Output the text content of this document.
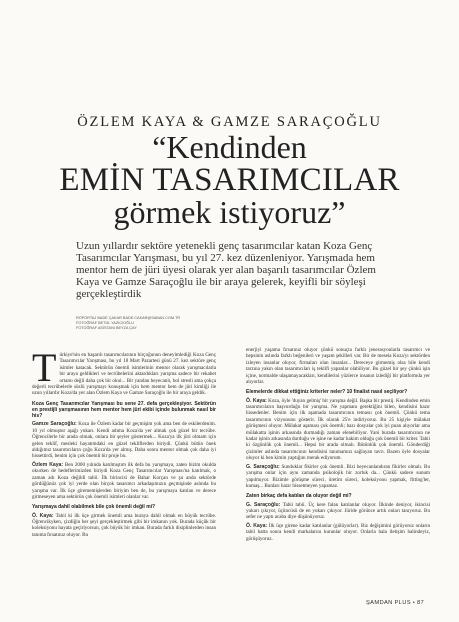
ÖZLEM KAYA & GAMZE SARAÇOĞLU
“Kendinden
EMİN TASARIMCILAR
görmek istiyoruz”

Uzun yıllardır sektöre yetenekli genç tasarımcılar katan Koza Genç Tasarımcılar Yarışması, bu yıl 27. kez düzenleniyor. Yarışmada hem mentor hem de jüri üyesi olarak yer alan başarılı tasarımcılar Özlem Kaya ve Gamze Saraçoğlu ile bir araya gelerek, keyifli bir söyleşi gerçekleştirdik

RÖPORTAJ BADE ÇAKAR BADE.CAKAR@SABAN.COM.TR
FOTOĞRAF BETÜL YAZICIOĞLU
FOTOĞRAF ASİSTANI BEYZA ÇAY

Türkiye'nin en başarılı tasarımcılarının birçoğunun deneyimlediği Koza Genç Tasarımcılar Yarışması, bu yıl 18 Mart Pazartesi günü 27. kez sektöre genç isimler katacak. Sektörün önemli isimlerinin mentor olarak yarışmacılarla bir araya geldikleri ve tecrübelerini aktardıkları yarışma sadece bir rekabet ortamı değil daha çok bir okul... Bir yandan heyecanlı, bol stresli ama çokça değerli tecrübelerle süslü yarışmayı konuşmak için hem mentor hem de jüri kimliği ile uzun yıllardır Koza'da yer alan Özlem Kaya ve Gamze Saraçoğlu ile bir araya geldik.

Koza Genç Tasarımcılar Yarışması bu sene 27. defa gerçekleşiyor. Sektörün en prestijli yarışmasının hem mentor hem jüri ekibi içinde bulunmak nasıl bir his?

Gamze Saraçoğlu: Koza ile Özlem kadar bir geçmişim yok ama ben de eskilerdenim. 10 yıl olmuştur aşağı yukarı. Kendi adıma Koza'da yer almak çok güzel bir tecrübe. Öğrencilerle bir arada olmak, onlara bir şeyler göstermek... Koza'ya ilk jüri olmam için gelen teklif, mesleki hayatımdaki en güzel tekliflerden biriydi. Çünkü bütün önek aldığımız tasarımcıların çoğu Koza'da yer almış. Daha sonra mentor olmak çok daha iyi hissettirdi, benim için çok önemli bir proje bu.

Özlem Kaya: Ben 2000 yılında katılmıştım ilk defa bu yarışmaya, zaten bizim okulda okurken de hedeflerimizden biriydi Koza Genç Tasarımcılar Yarışması'na katılmak, o zaman adı Koza değildi tabii. İlk birincisi de Bahar Korçan ve şu anda sektörde gördüğünüz çok iyi yerde olan birçok tasarımcı arkadaşımızın geçmişinde aslında bu yarışma var. İlk üçe girememişlerden biriyim ben de, bu yarışmaya katılan ve derece girmeseyen ama sektörün çok önemli isimleri olanlar var.

Yarışmaya dahil olabilmek bile çok önemli değil mi?

Ö. Kaya: Tabii ki ilk üçe girmek önemli ama buraya dahil olmak en büyük tecrübe. Öğrencikyken, çizdiğin her şeyi gerçekleştirmek gibi bir imkanın yok. Burada küçük bir koleksiyonu hayata geçiriyorsun, çok büyük bir imkan. Burada farklı disiplinlerden insan tanıma fırsatınız oluyor. Bu

enerjiyi yaşama fırsatınız oluyor çünkü sonuçta farklı jenerasyonlarla tasarımcı ve hepsinin aslında farklı beğenileri ve yaşam şekilleri var. Bir de mesela Koza'yı sektörden izleyen insanlar oluyor, firmaları olan insanlar... Dereceye girmemiş olsa bile kendi tarzına yakın olan tasarımcıları iş teklifi yapanlar olabiliyor. Bu güzel bir şey çünkü işin içine, normalde ulaşamayacakları, kendilerini yüzlerce insanın izlediği bir platformda yer alıyorlar.

Elemelerde dikkat ettiğiniz kriterler neler? 10 finalist nasıl seçiliyor?

Ö. Kaya: Koza, öyle 'duyan gelmiş' bir yarışma değil. Başka bir prestij. Kendinden emin tasarımcıların başvurduğu bir yarışma. Ne yapmanı gerektiğini bilen, kendisini hazır hissedenler. Benim için ilk aşamada tasarımcının temasıı çok önemli. Çünkü tema tasarımcının vizyonunu gösterir. İlk olarak 25'e indiriyoruz. Bu 25 kişiyle mülakat görüşmesi oluyor. Mülakat aşaması çok önemli; bazı dosyalar çok iyi puan alıyorlar ama mülakatta işinin arkasında durmadığı zaman elenebiliyor. Yani burada tasarımcının ne kadar işinin arkasında durduğu ve işine ne kadar hakim olduğu çok önemli bir kriter. Tabii ki özgünlük çok önemli... Hepsi bir arada olmalı. Bütünlük çok önemli. Gönderdiği çizimler aslında tasarımcının kendisini tanımamızı sağlayan tavrı. Bazen öyle dosyalar oluyor ki ben kimin yaptığını merak ediyorum.

G. Saraçoğlu: Sunduklar fikirler çok önemli. Bizi heyecanlandıran fikirler olmalı. Bu yarışma onlar için aynı zamanda psikolojik bir zorluk da... Çünkü sadece sunum yapılmıyor. Bizimle görüşme süreci, üretim süreci, koleksiyonu yapmak, fitting'ler, kumaş... Bunları hazır hissetmeyen yapamaz.

Zaten birkaç defa katılan da oluyor değil mi?

G. Saraçoğlu: Tabii tabii. Üç kere falan katılanlar oluyor. İlkinde deniyor, ikincisi yukarı çıkıyor, üçüncüsü de en yukarı çıkıyor. Jüride görünce artık onları tanıyoruz. Bu sefer ne yaptı acaba diye düşünüyoruz.

Ö. Kaya: İlk üçe girene kadar katılanlar (gülüyorlar). Biz değişimini görüyoruz onların tabii hatta sonra kendi markalarını kuranlar oluyor. Onlarla hala iletişim halindeyiz, görüşüyoruz.

ŞAMDAN PLUS • 87
